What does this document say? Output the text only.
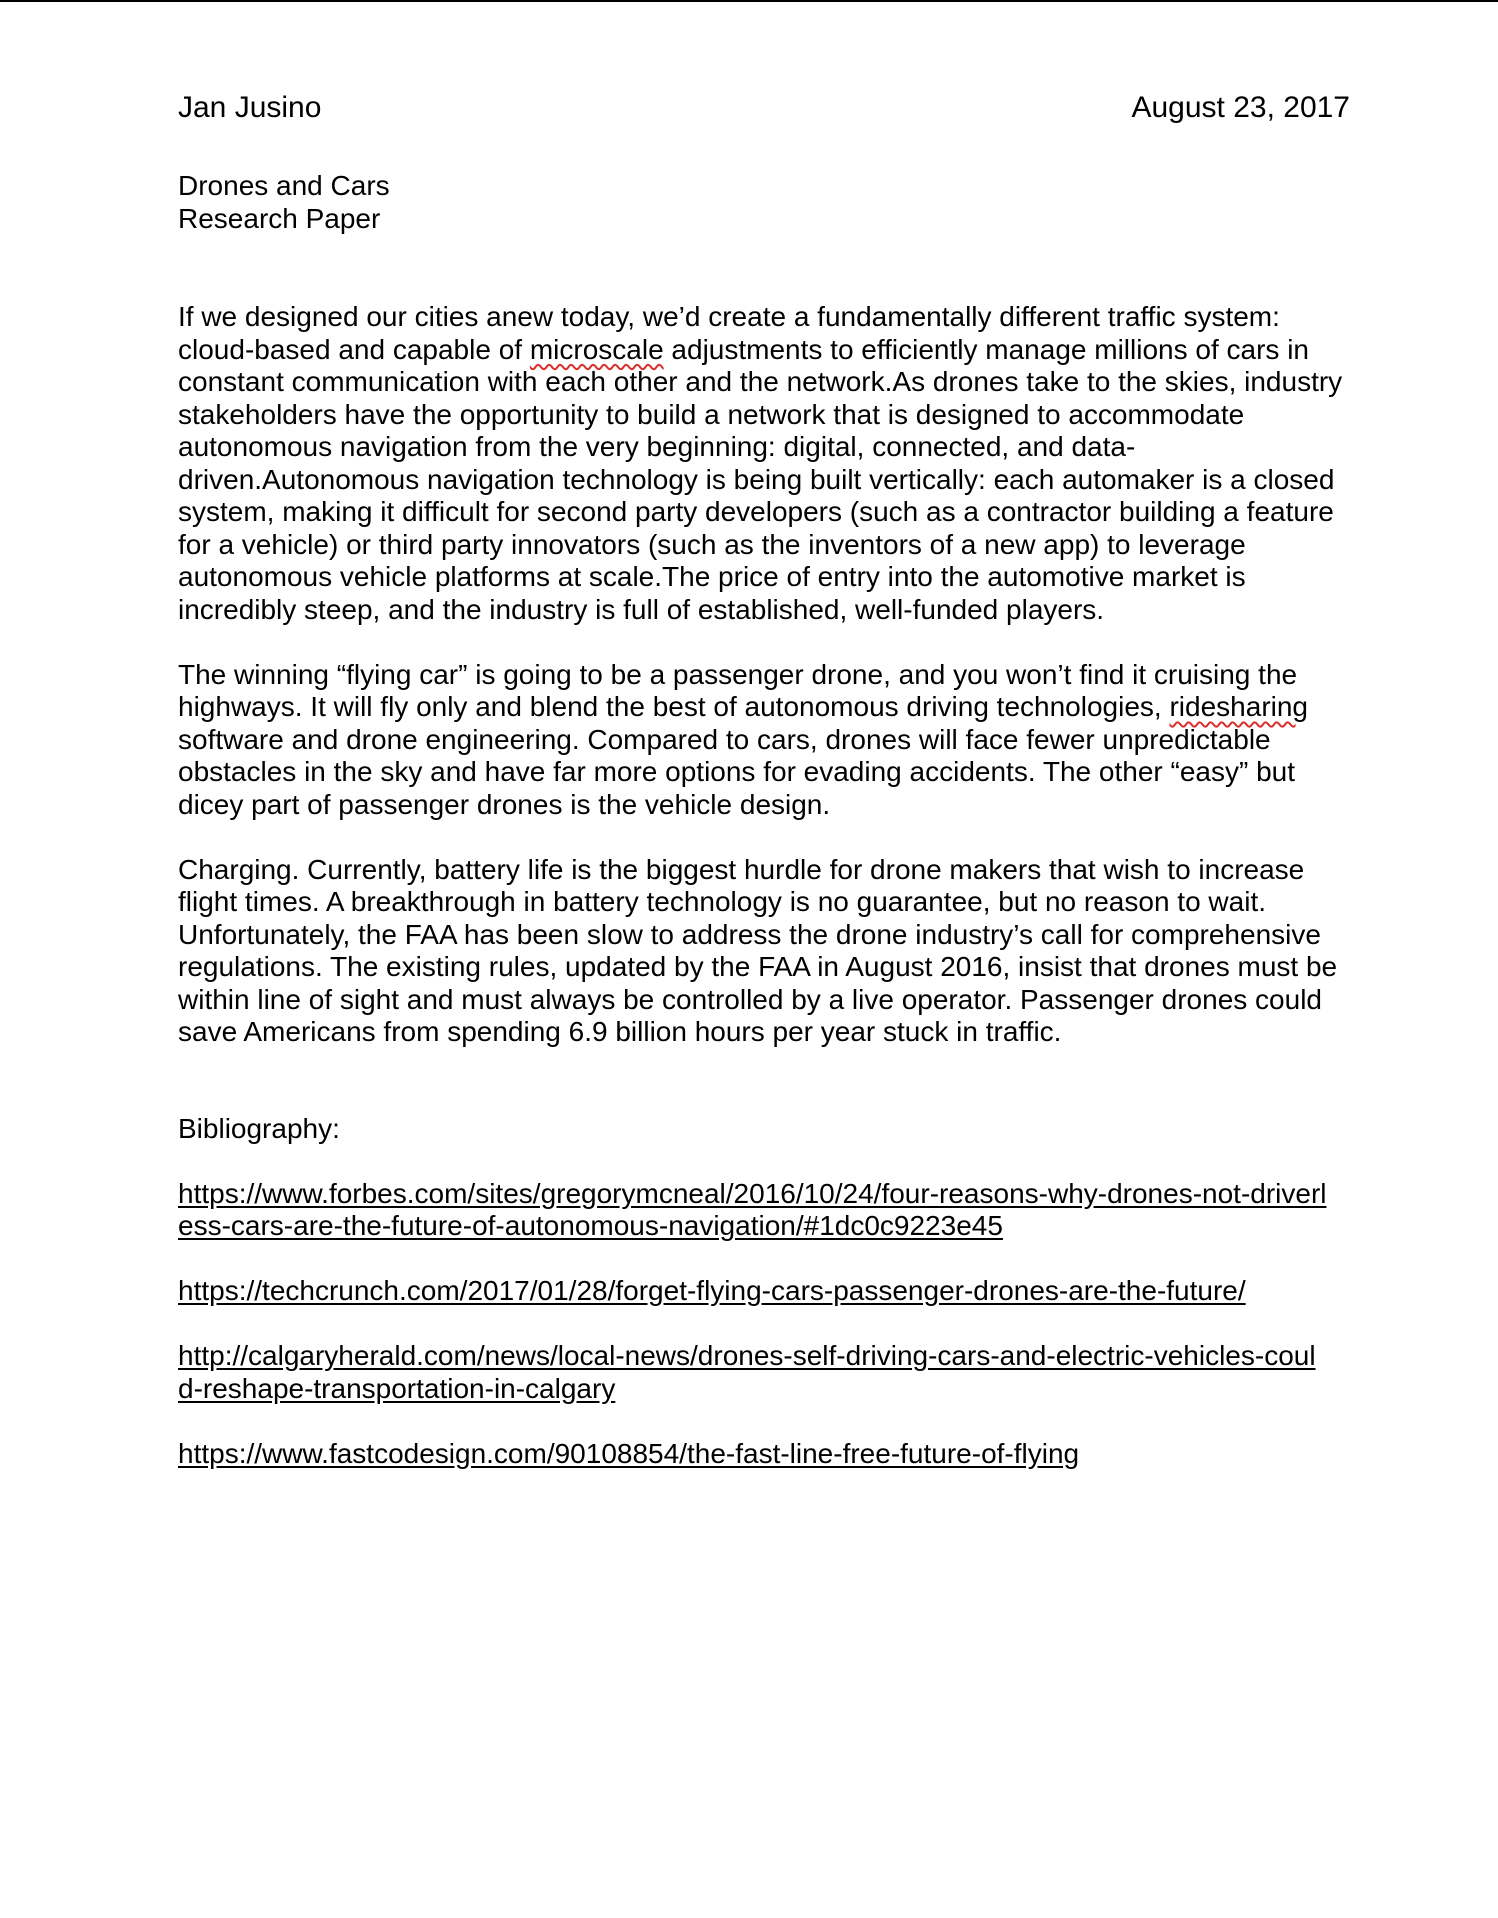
Jan Jusino	August 23, 2017
Drones and Cars
Research Paper

If we designed our cities anew today, we’d create a fundamentally different traffic system: cloud-based and capable of microscale adjustments to efficiently manage millions of cars in constant communication with each other and the network.As drones take to the skies, industry stakeholders have the opportunity to build a network that is designed to accommodate autonomous navigation from the very beginning: digital, connected, and data-driven.Autonomous navigation technology is being built vertically: each automaker is a closed system, making it difficult for second party developers (such as a contractor building a feature for a vehicle) or third party innovators (such as the inventors of a new app) to leverage autonomous vehicle platforms at scale.The price of entry into the automotive market is incredibly steep, and the industry is full of established, well-funded players.

The winning “flying car” is going to be a passenger drone, and you won’t find it cruising the highways. It will fly only and blend the best of autonomous driving technologies, ridesharing software and drone engineering. Compared to cars, drones will face fewer unpredictable obstacles in the sky and have far more options for evading accidents. The other “easy” but dicey part of passenger drones is the vehicle design.

Charging. Currently, battery life is the biggest hurdle for drone makers that wish to increase flight times. A breakthrough in battery technology is no guarantee, but no reason to wait. Unfortunately, the FAA has been slow to address the drone industry’s call for comprehensive regulations. The existing rules, updated by the FAA in August 2016, insist that drones must be within line of sight and must always be controlled by a live operator. Passenger drones could save Americans from spending 6.9 billion hours per year stuck in traffic.

Bibliography:
https://www.forbes.com/sites/gregorymcneal/2016/10/24/four-reasons-why-drones-not-driverless-cars-are-the-future-of-autonomous-navigation/#1dc0c9223e45
https://techcrunch.com/2017/01/28/forget-flying-cars-passenger-drones-are-the-future/
http://calgaryherald.com/news/local-news/drones-self-driving-cars-and-electric-vehicles-could-reshape-transportation-in-calgary
https://www.fastcodesign.com/90108854/the-fast-line-free-future-of-flying
